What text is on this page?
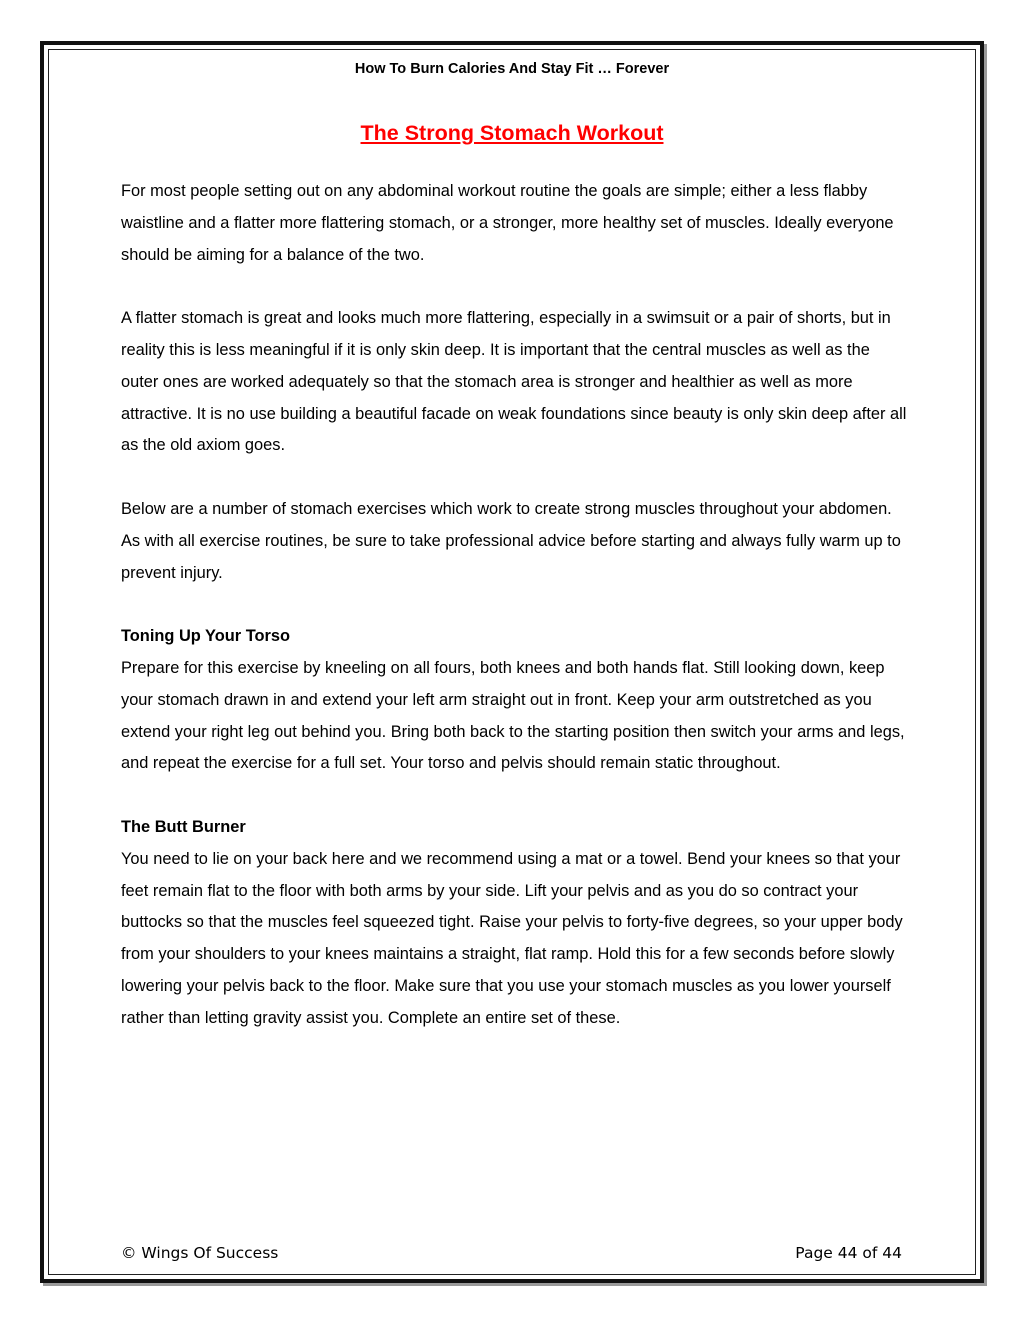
How To Burn Calories And Stay Fit … Forever
The Strong Stomach Workout

For most people setting out on any abdominal workout routine the goals are simple; either a less flabby waistline and a flatter more flattering stomach, or a stronger, more healthy set of muscles. Ideally everyone should be aiming for a balance of the two.

A flatter stomach is great and looks much more flattering, especially in a swimsuit or a pair of shorts, but in reality this is less meaningful if it is only skin deep. It is important that the central muscles as well as the outer ones are worked adequately so that the stomach area is stronger and healthier as well as more attractive. It is no use building a beautiful facade on weak foundations since beauty is only skin deep after all as the old axiom goes.

Below are a number of stomach exercises which work to create strong muscles throughout your abdomen. As with all exercise routines, be sure to take professional advice before starting and always fully warm up to prevent injury.

Toning Up Your Torso
Prepare for this exercise by kneeling on all fours, both knees and both hands flat. Still looking down, keep your stomach drawn in and extend your left arm straight out in front. Keep your arm outstretched as you extend your right leg out behind you. Bring both back to the starting position then switch your arms and legs, and repeat the exercise for a full set. Your torso and pelvis should remain static throughout.

The Butt Burner
You need to lie on your back here and we recommend using a mat or a towel. Bend your knees so that your feet remain flat to the floor with both arms by your side. Lift your pelvis and as you do so contract your buttocks so that the muscles feel squeezed tight. Raise your pelvis to forty-five degrees, so your upper body from your shoulders to your knees maintains a straight, flat ramp. Hold this for a few seconds before slowly lowering your pelvis back to the floor. Make sure that you use your stomach muscles as you lower yourself rather than letting gravity assist you. Complete an entire set of these.

© Wings Of Success	Page 44 of 44
